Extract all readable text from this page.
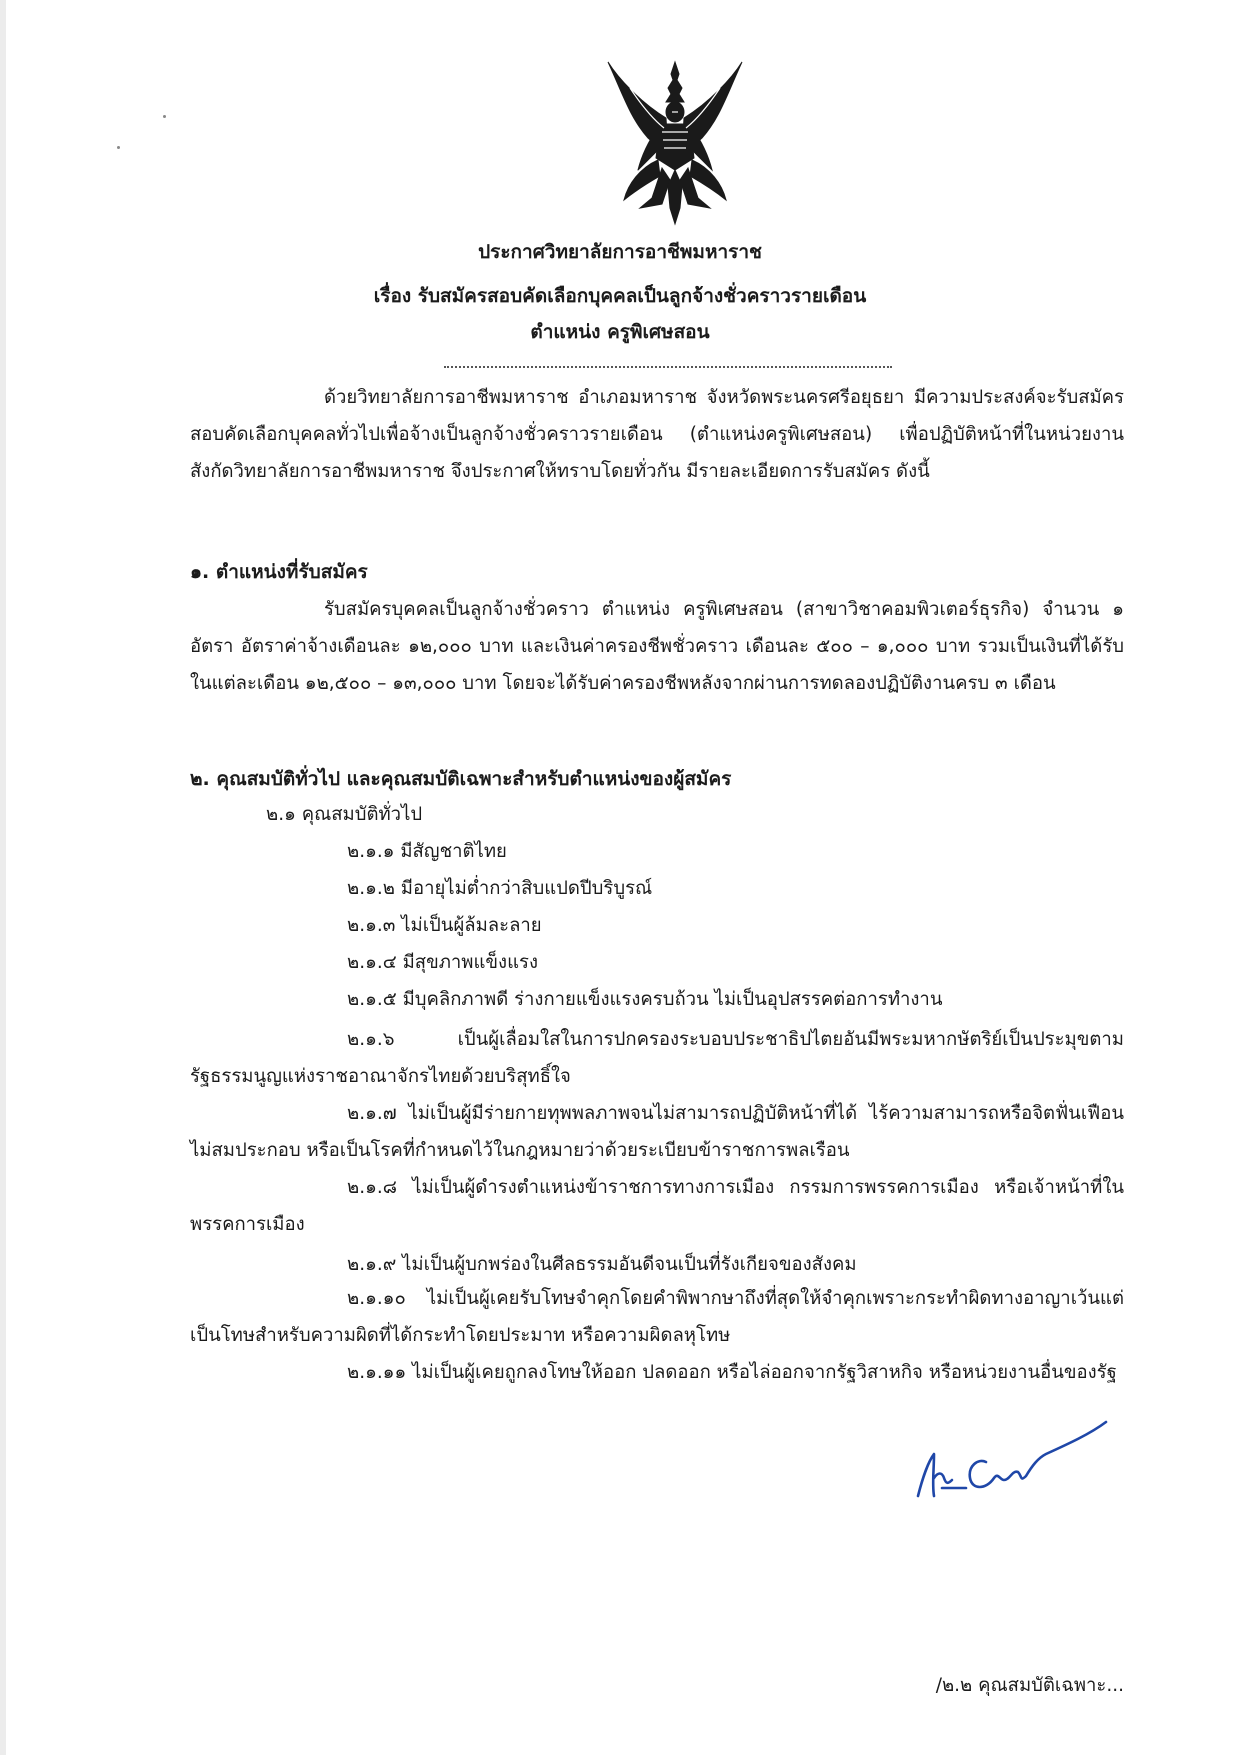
ประกาศวิทยาลัยการอาชีพมหาราช
เรื่อง รับสมัครสอบคัดเลือกบุคคลเป็นลูกจ้างชั่วคราวรายเดือน
ตำแหน่ง ครูพิเศษสอน
ด้วยวิทยาลัยการอาชีพมหาราช อำเภอมหาราช จังหวัดพระนครศรีอยุธยา มีความประสงค์จะรับสมัครสอบคัดเลือกบุคคลทั่วไปเพื่อจ้างเป็นลูกจ้างชั่วคราวรายเดือน (ตำแหน่งครูพิเศษสอน) เพื่อปฏิบัติหน้าที่ในหน่วยงานสังกัดวิทยาลัยการอาชีพมหาราช จึงประกาศให้ทราบโดยทั่วกัน มีรายละเอียดการรับสมัคร ดังนี้
๑. ตำแหน่งที่รับสมัคร
รับสมัครบุคคลเป็นลูกจ้างชั่วคราว ตำแหน่ง ครูพิเศษสอน (สาขาวิชาคอมพิวเตอร์ธุรกิจ) จำนวน ๑ อัตรา อัตราค่าจ้างเดือนละ ๑๒,๐๐๐ บาท และเงินค่าครองชีพชั่วคราว เดือนละ ๕๐๐ – ๑,๐๐๐ บาท รวมเป็นเงินที่ได้รับในแต่ละเดือน ๑๒,๕๐๐ – ๑๓,๐๐๐ บาท โดยจะได้รับค่าครองชีพหลังจากผ่านการทดลองปฏิบัติงานครบ ๓ เดือน
๒. คุณสมบัติทั่วไป และคุณสมบัติเฉพาะสำหรับตำแหน่งของผู้สมัคร
๒.๑ คุณสมบัติทั่วไป
๒.๑.๑ มีสัญชาติไทย
๒.๑.๒ มีอายุไม่ต่ำกว่าสิบแปดปีบริบูรณ์
๒.๑.๓ ไม่เป็นผู้ล้มละลาย
๒.๑.๔ มีสุขภาพแข็งแรง
๒.๑.๕ มีบุคลิกภาพดี ร่างกายแข็งแรงครบถ้วน ไม่เป็นอุปสรรคต่อการทำงาน
๒.๑.๖ เป็นผู้เลื่อมใสในการปกครองระบอบประชาธิปไตยอันมีพระมหากษัตริย์เป็นประมุขตามรัฐธรรมนูญแห่งราชอาณาจักรไทยด้วยบริสุทธิ์ใจ
๒.๑.๗ ไม่เป็นผู้มีร่ายกายทุพพลภาพจนไม่สามารถปฏิบัติหน้าที่ได้ ไร้ความสามารถหรือจิตฟั่นเฟือนไม่สมประกอบ หรือเป็นโรคที่กำหนดไว้ในกฎหมายว่าด้วยระเบียบข้าราชการพลเรือน
๒.๑.๘ ไม่เป็นผู้ดำรงตำแหน่งข้าราชการทางการเมือง กรรมการพรรคการเมือง หรือเจ้าหน้าที่ในพรรคการเมือง
๒.๑.๙ ไม่เป็นผู้บกพร่องในศีลธรรมอันดีจนเป็นที่รังเกียจของสังคม
๒.๑.๑๐ ไม่เป็นผู้เคยรับโทษจำคุกโดยคำพิพากษาถึงที่สุดให้จำคุกเพราะกระทำผิดทางอาญาเว้นแต่เป็นโทษสำหรับความผิดที่ได้กระทำโดยประมาท หรือความผิดลหุโทษ
๒.๑.๑๑ ไม่เป็นผู้เคยถูกลงโทษให้ออก ปลดออก หรือไล่ออกจากรัฐวิสาหกิจ หรือหน่วยงานอื่นของรัฐ
/๒.๒ คุณสมบัติเฉพาะ...
